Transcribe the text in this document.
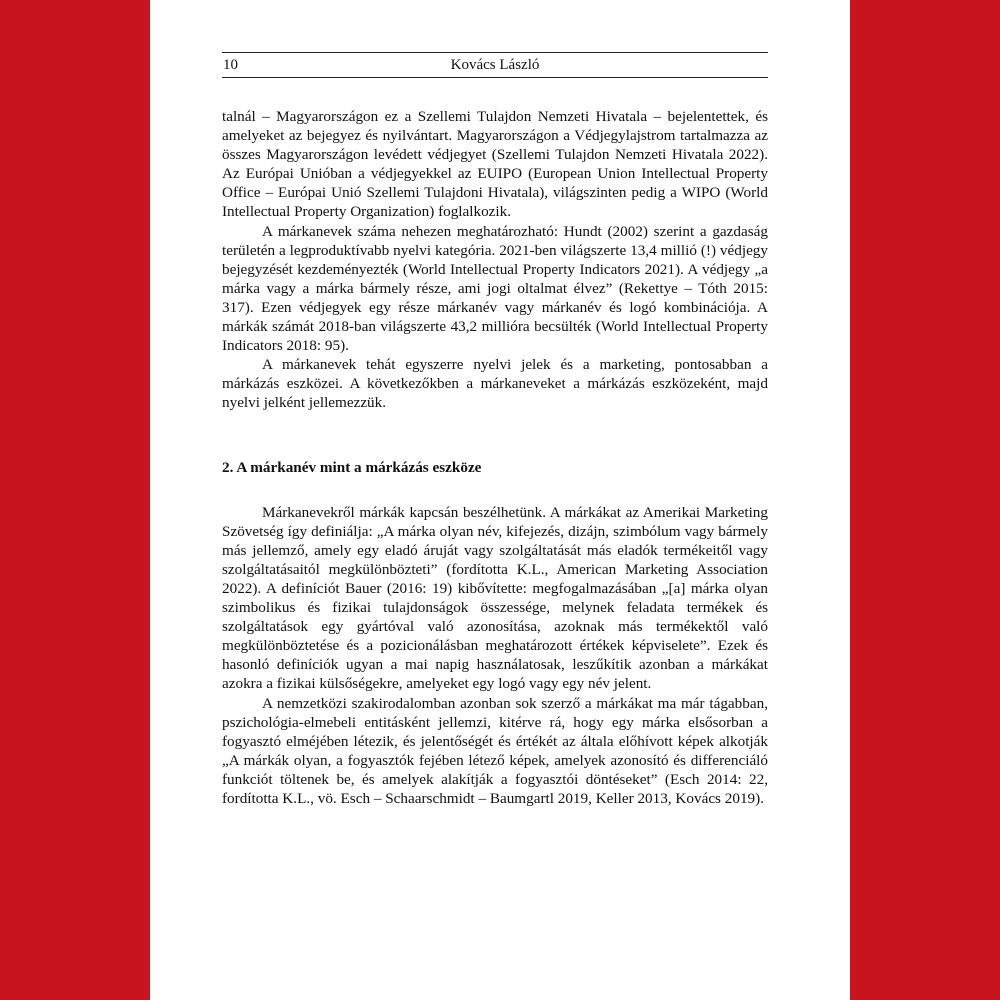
10	Kovács László

talnál – Magyarországon ez a Szellemi Tulajdon Nemzeti Hivatala – bejelentettek, és amelyeket az bejegyez és nyilvántart. Magyarországon a Védjegylajstrom tartalmazza az összes Magyarországon levédett védjegyet (Szellemi Tulajdon Nemzeti Hivatala 2022). Az Európai Unióban a védjegyekkel az EUIPO (European Union Intellectual Property Office – Európai Unió Szellemi Tulajdoni Hivatala), világszinten pedig a WIPO (World Intellectual Property Organization) foglalkozik.

A márkanevek száma nehezen meghatározható: Hundt (2002) szerint a gazdaság területén a legproduktívabb nyelvi kategória. 2021-ben világszerte 13,4 millió (!) védjegy bejegyzését kezdeményezték (World Intellectual Property Indicators 2021). A védjegy „a márka vagy a márka bármely része, ami jogi oltalmat élvez” (Rekettye – Tóth 2015: 317). Ezen védjegyek egy része márkanév vagy márkanév és logó kombinációja. A márkák számát 2018-ban világszerte 43,2 millióra becsülték (World Intellectual Property Indicators 2018: 95).

A márkanevek tehát egyszerre nyelvi jelek és a marketing, pontosabban a márkázás eszközei. A következőkben a márkaneveket a márkázás eszközeként, majd nyelvi jelként jellemezzük.

2. A márkanév mint a márkázás eszköze

Márkanevekről márkák kapcsán beszélhetünk. A márkákat az Amerikai Marketing Szövetség így definiálja: „A márka olyan név, kifejezés, dizájn, szimbólum vagy bármely más jellemző, amely egy eladó áruját vagy szolgáltatását más eladók termékeitől vagy szolgáltatásaitól megkülönbözteti” (fordította K.L., American Marketing Association 2022). A definíciót Bauer (2016: 19) kibővítette: megfogalmazásában „[a] márka olyan szimbolikus és fizikai tulajdonságok összessége, melynek feladata termékek és szolgáltatások egy gyártóval való azonosítása, azoknak más termékektől való megkülönböztetése és a pozicionálásban meghatározott értékek képviselete”. Ezek és hasonló definíciók ugyan a mai napig használatosak, leszűkítik azonban a márkákat azokra a fizikai külsőségekre, amelyeket egy logó vagy egy név jelent.

A nemzetközi szakirodalomban azonban sok szerző a márkákat ma már tágabban, pszichológia-elmebeli entitásként jellemzi, kitérve rá, hogy egy márka elsősorban a fogyasztó elméjében létezik, és jelentőségét és értékét az általa előhívott képek alkotják „A márkák olyan, a fogyasztók fejében létező képek, amelyek azonosító és differenciáló funkciót töltenek be, és amelyek alakítják a fogyasztói döntéseket” (Esch 2014: 22, fordította K.L., vö. Esch – Schaarschmidt – Baumgartl 2019, Keller 2013, Kovács 2019).
